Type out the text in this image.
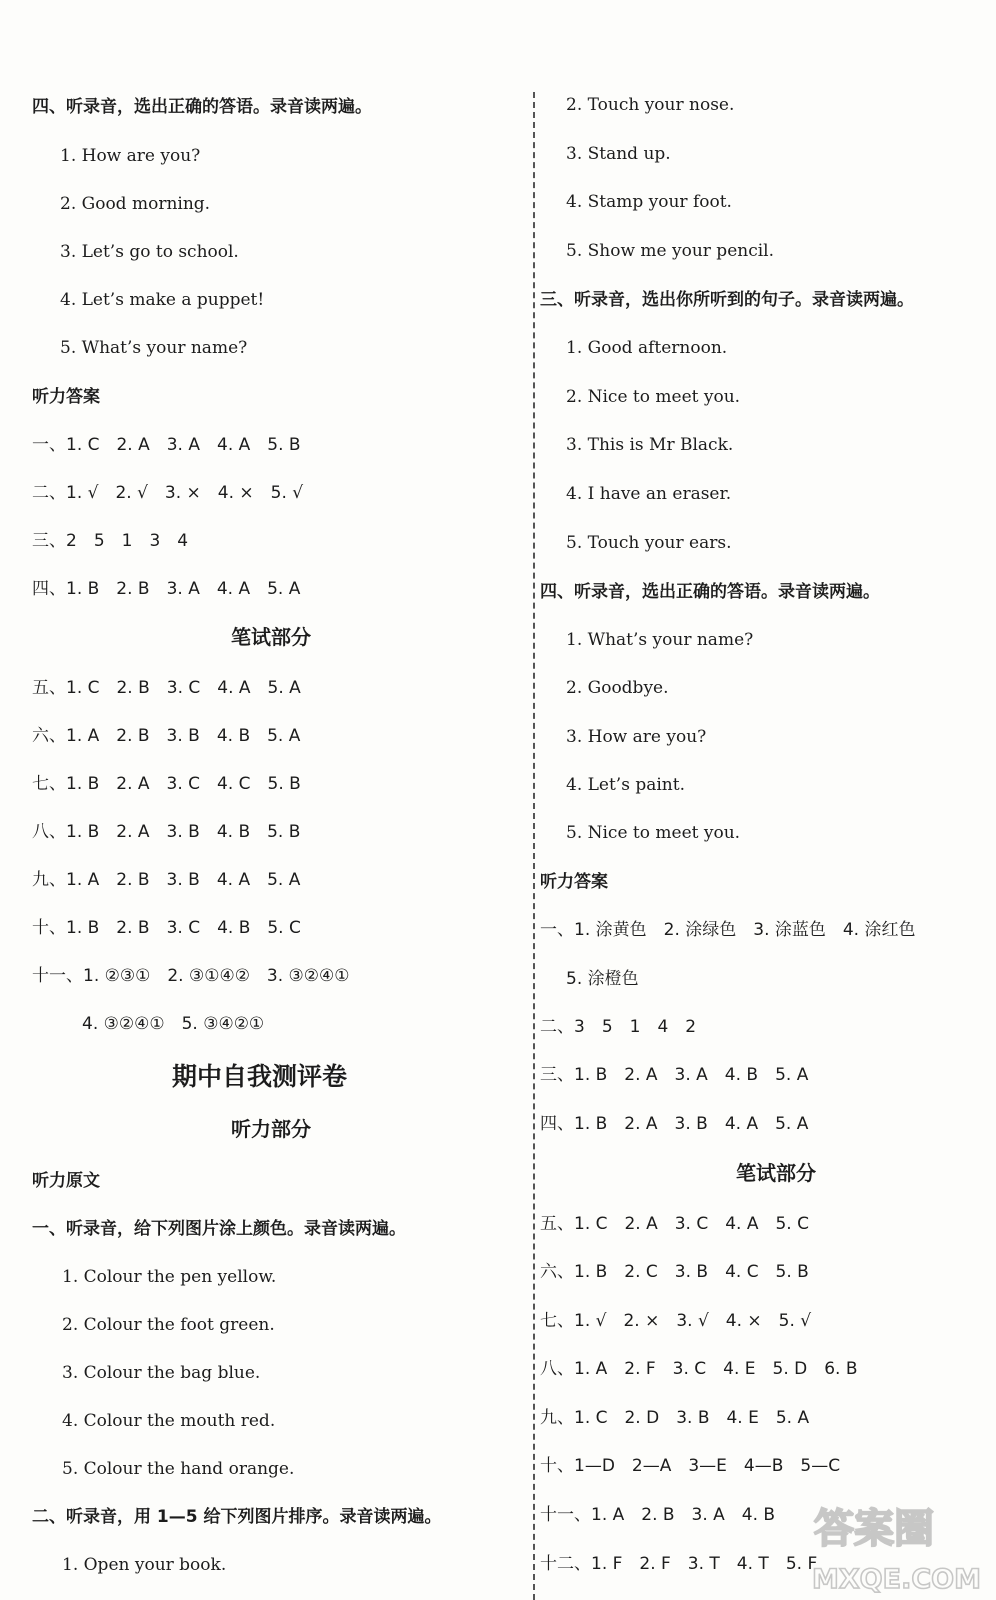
四、听录音，选出正确的答语。录音读两遍。
1. How are you?
2. Good morning.
3. Let’s go to school.
4. Let’s make a puppet!
5. What’s your name?
听力答案
一、1. C　2. A　3. A　4. A　5. B
二、1. √　2. √　3. ×　4. ×　5. √
三、2　5　1　3　4
四、1. B　2. B　3. A　4. A　5. A
笔试部分
五、1. C　2. B　3. C　4. A　5. A
六、1. A　2. B　3. B　4. B　5. A
七、1. B　2. A　3. C　4. C　5. B
八、1. B　2. A　3. B　4. B　5. B
九、1. A　2. B　3. B　4. A　5. A
十、1. B　2. B　3. C　4. B　5. C
十一、1. ②③①　2. ③①④②　3. ③②④①
4. ③②④①　5. ③④②①
期中自我测评卷
听力部分
听力原文
一、听录音，给下列图片涂上颜色。录音读两遍。
1. Colour the pen yellow.
2. Colour the foot green.
3. Colour the bag blue.
4. Colour the mouth red.
5. Colour the hand orange.
二、听录音，用 1—5 给下列图片排序。录音读两遍。
1. Open your book.
2. Touch your nose.
3. Stand up.
4. Stamp your foot.
5. Show me your pencil.
三、听录音，选出你所听到的句子。录音读两遍。
1. Good afternoon.
2. Nice to meet you.
3. This is Mr Black.
4. I have an eraser.
5. Touch your ears.
四、听录音，选出正确的答语。录音读两遍。
1. What’s your name?
2. Goodbye.
3. How are you?
4. Let’s paint.
5. Nice to meet you.
听力答案
一、1. 涂黄色　2. 涂绿色　3. 涂蓝色　4. 涂红色
5. 涂橙色
二、3　5　1　4　2
三、1. B　2. A　3. A　4. B　5. A
四、1. B　2. A　3. B　4. A　5. A
笔试部分
五、1. C　2. A　3. C　4. A　5. C
六、1. B　2. C　3. B　4. C　5. B
七、1. √　2. ×　3. √　4. ×　5. √
八、1. A　2. F　3. C　4. E　5. D　6. B
九、1. C　2. D　3. B　4. E　5. A
十、1—D　2—A　3—E　4—B　5—C
十一、1. A　2. B　3. A　4. B
十二、1. F　2. F　3. T　4. T　5. F
答案圈
MXQE.COM
